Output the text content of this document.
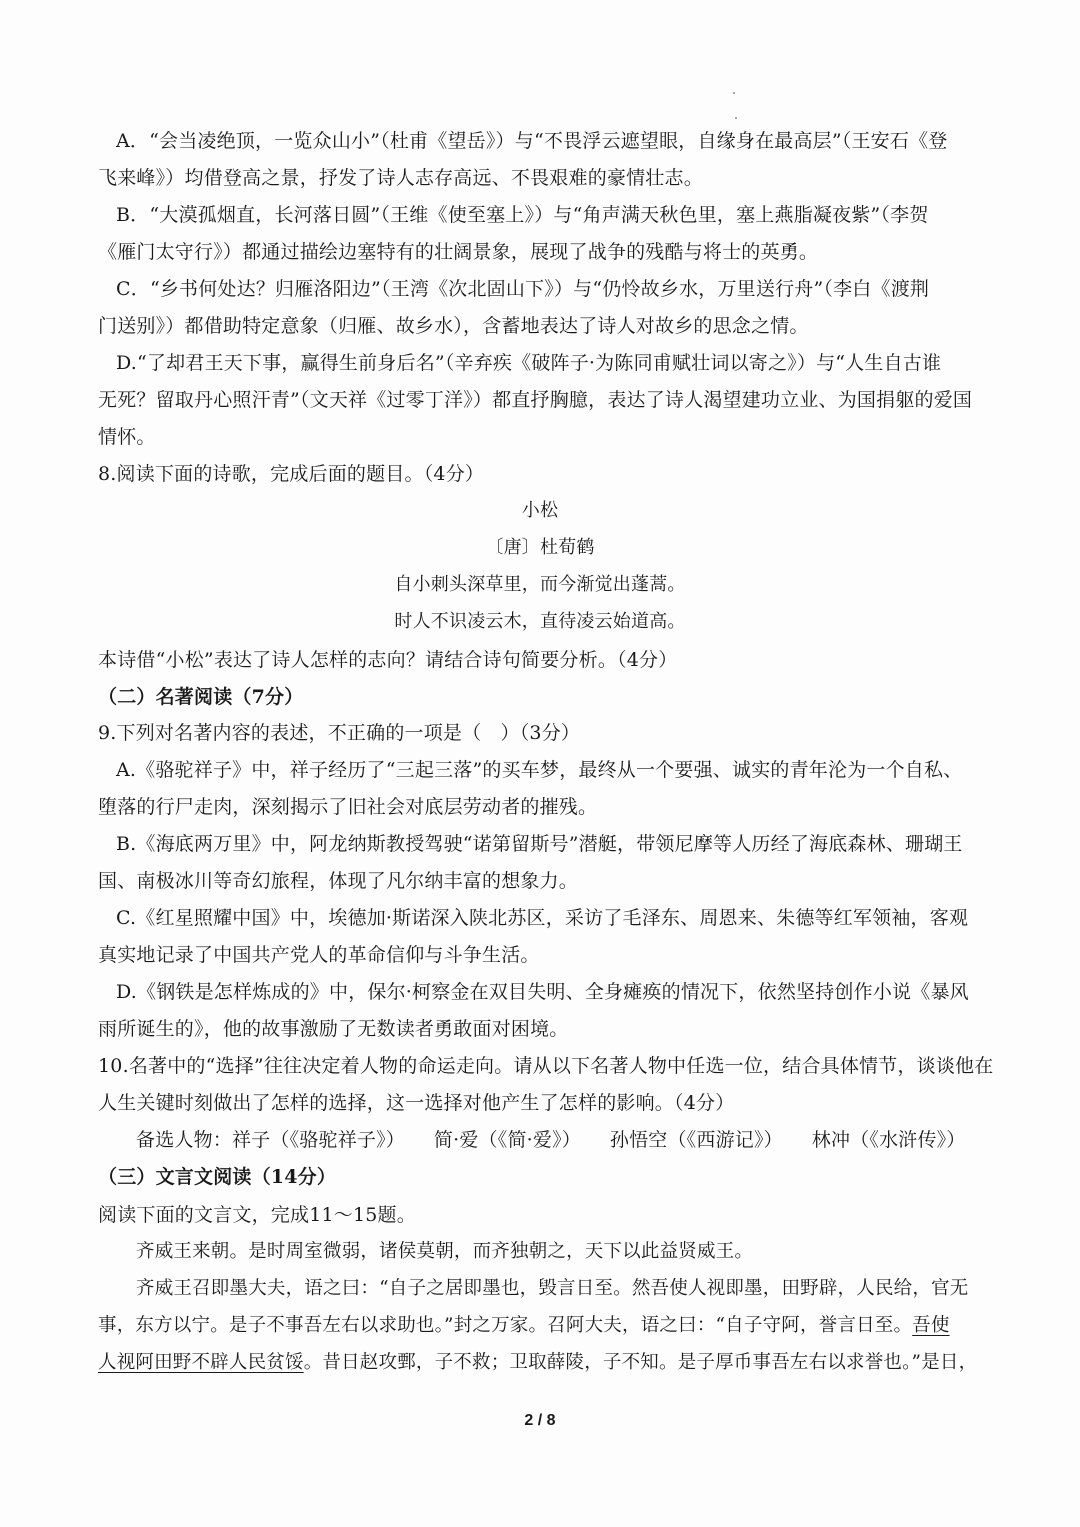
A．“会当凌绝顶，一览众山小”（杜甫《望岳》）与“不畏浮云遮望眼，自缘身在最高层”（王安石《登
飞来峰》）均借登高之景，抒发了诗人志存高远、不畏艰难的豪情壮志。
B．“大漠孤烟直，长河落日圆”（王维《使至塞上》）与“角声满天秋色里，塞上燕脂凝夜紫”（李贺
《雁门太守行》）都通过描绘边塞特有的壮阔景象，展现了战争的残酷与将士的英勇。
C．“乡书何处达？归雁洛阳边”（王湾《次北固山下》）与“仍怜故乡水，万里送行舟”（李白《渡荆
门送别》）都借助特定意象（归雁、故乡水），含蓄地表达了诗人对故乡的思念之情。
D.“了却君王天下事，赢得生前身后名”（辛弃疾《破阵子·为陈同甫赋壮词以寄之》）与“人生自古谁
无死？留取丹心照汗青”（文天祥《过零丁洋》）都直抒胸臆，表达了诗人渴望建功立业、为国捐躯的爱国
情怀。
8.阅读下面的诗歌，完成后面的题目。（4分）
小松
〔唐〕杜荀鹤
自小刺头深草里，而今渐觉出蓬蒿。
时人不识凌云木，直待凌云始道高。
本诗借“小松”表达了诗人怎样的志向？请结合诗句简要分析。（4分）
（二）名著阅读（7分）
9.下列对名著内容的表述，不正确的一项是（　）（3分）
A.《骆驼祥子》中，祥子经历了“三起三落”的买车梦，最终从一个要强、诚实的青年沦为一个自私、
堕落的行尸走肉，深刻揭示了旧社会对底层劳动者的摧残。
B.《海底两万里》中，阿龙纳斯教授驾驶“诺第留斯号”潜艇，带领尼摩等人历经了海底森林、珊瑚王
国、南极冰川等奇幻旅程，体现了凡尔纳丰富的想象力。
C.《红星照耀中国》中，埃德加·斯诺深入陕北苏区，采访了毛泽东、周恩来、朱德等红军领袖，客观
真实地记录了中国共产党人的革命信仰与斗争生活。
D.《钢铁是怎样炼成的》中，保尔·柯察金在双目失明、全身瘫痪的情况下，依然坚持创作小说《暴风
雨所诞生的》，他的故事激励了无数读者勇敢面对困境。
10.名著中的“选择”往往决定着人物的命运走向。请从以下名著人物中任选一位，结合具体情节，谈谈他在
人生关键时刻做出了怎样的选择，这一选择对他产生了怎样的影响。（4分）
备选人物：祥子（《骆驼祥子》）　　简·爱（《简·爱》）　　孙悟空（《西游记》）　　林冲（《水浒传》）
（三）文言文阅读（14分）
阅读下面的文言文，完成11～15题。
齐威王来朝。是时周室微弱，诸侯莫朝，而齐独朝之，天下以此益贤威王。
齐威王召即墨大夫，语之曰：“自子之居即墨也，毁言日至。然吾使人视即墨，田野辟，人民给，官无
事，东方以宁。是子不事吾左右以求助也。”封之万家。召阿大夫，语之曰：“自子守阿，誉言日至。吾使
人视阿田野不辟人民贫馁。昔日赵攻鄄，子不救；卫取薛陵，子不知。是子厚币事吾左右以求誉也。”是日，
2 / 8
